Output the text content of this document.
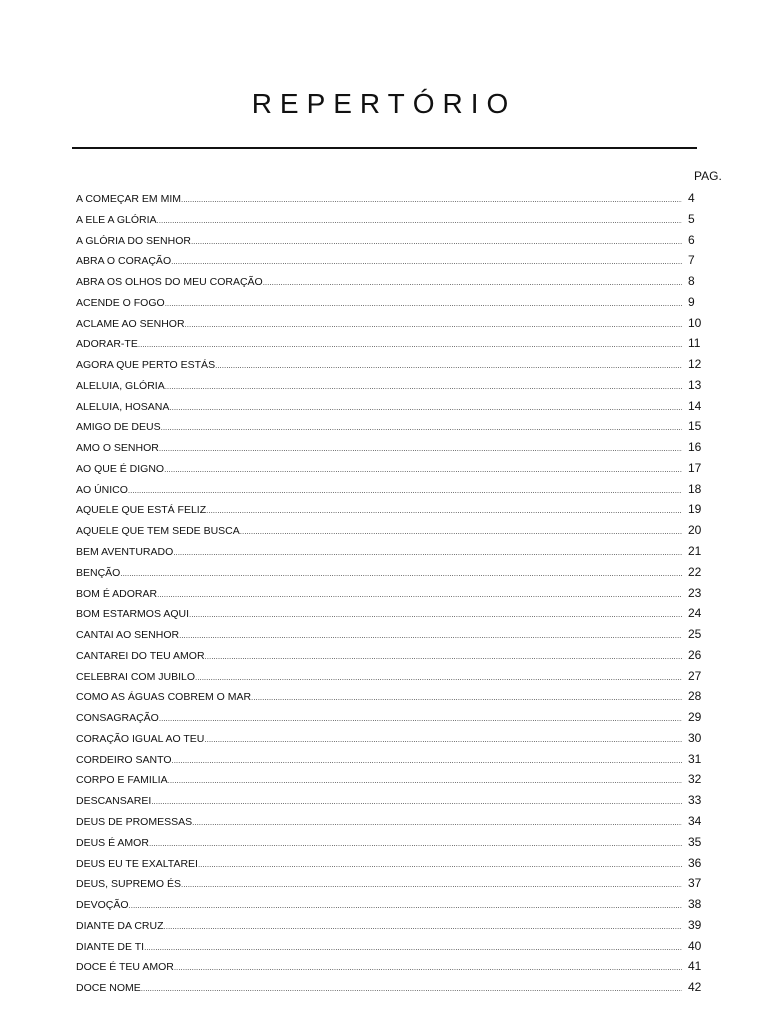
REPERTÓRIO
PAG.
A COMEÇAR EM MIM .....	4
A ELE A GLÓRIA .....	5
A GLÓRIA DO SENHOR .....	6
ABRA O CORAÇÃO .....	7
ABRA OS OLHOS DO MEU CORAÇÃO .....	8
ACENDE O FOGO .....	9
ACLAME AO SENHOR .....	10
ADORAR-TE .....	11
AGORA QUE PERTO ESTÁS .....	12
ALELUIA, GLÓRIA .....	13
ALELUIA, HOSANA .....	14
AMIGO DE DEUS .....	15
AMO O SENHOR .....	16
AO QUE É DIGNO .....	17
AO ÚNICO .....	18
AQUELE QUE ESTÁ FELIZ .....	19
AQUELE QUE TEM SEDE BUSCA .....	20
BEM AVENTURADO .....	21
BENÇÃO .....	22
BOM É ADORAR .....	23
BOM ESTARMOS AQUI .....	24
CANTAI AO SENHOR .....	25
CANTAREI DO TEU AMOR .....	26
CELEBRAI COM JUBILO .....	27
COMO AS ÁGUAS COBREM O MAR .....	28
CONSAGRAÇÃO .....	29
CORAÇÃO IGUAL AO TEU .....	30
CORDEIRO SANTO .....	31
CORPO E FAMILIA .....	32
DESCANSAREI .....	33
DEUS DE PROMESSAS .....	34
DEUS É AMOR .....	35
DEUS EU TE EXALTAREI .....	36
DEUS, SUPREMO ÉS .....	37
DEVOÇÃO .....	38
DIANTE DA CRUZ .....	39
DIANTE DE TI .....	40
DOCE É TEU AMOR .....	41
DOCE NOME .....	42
